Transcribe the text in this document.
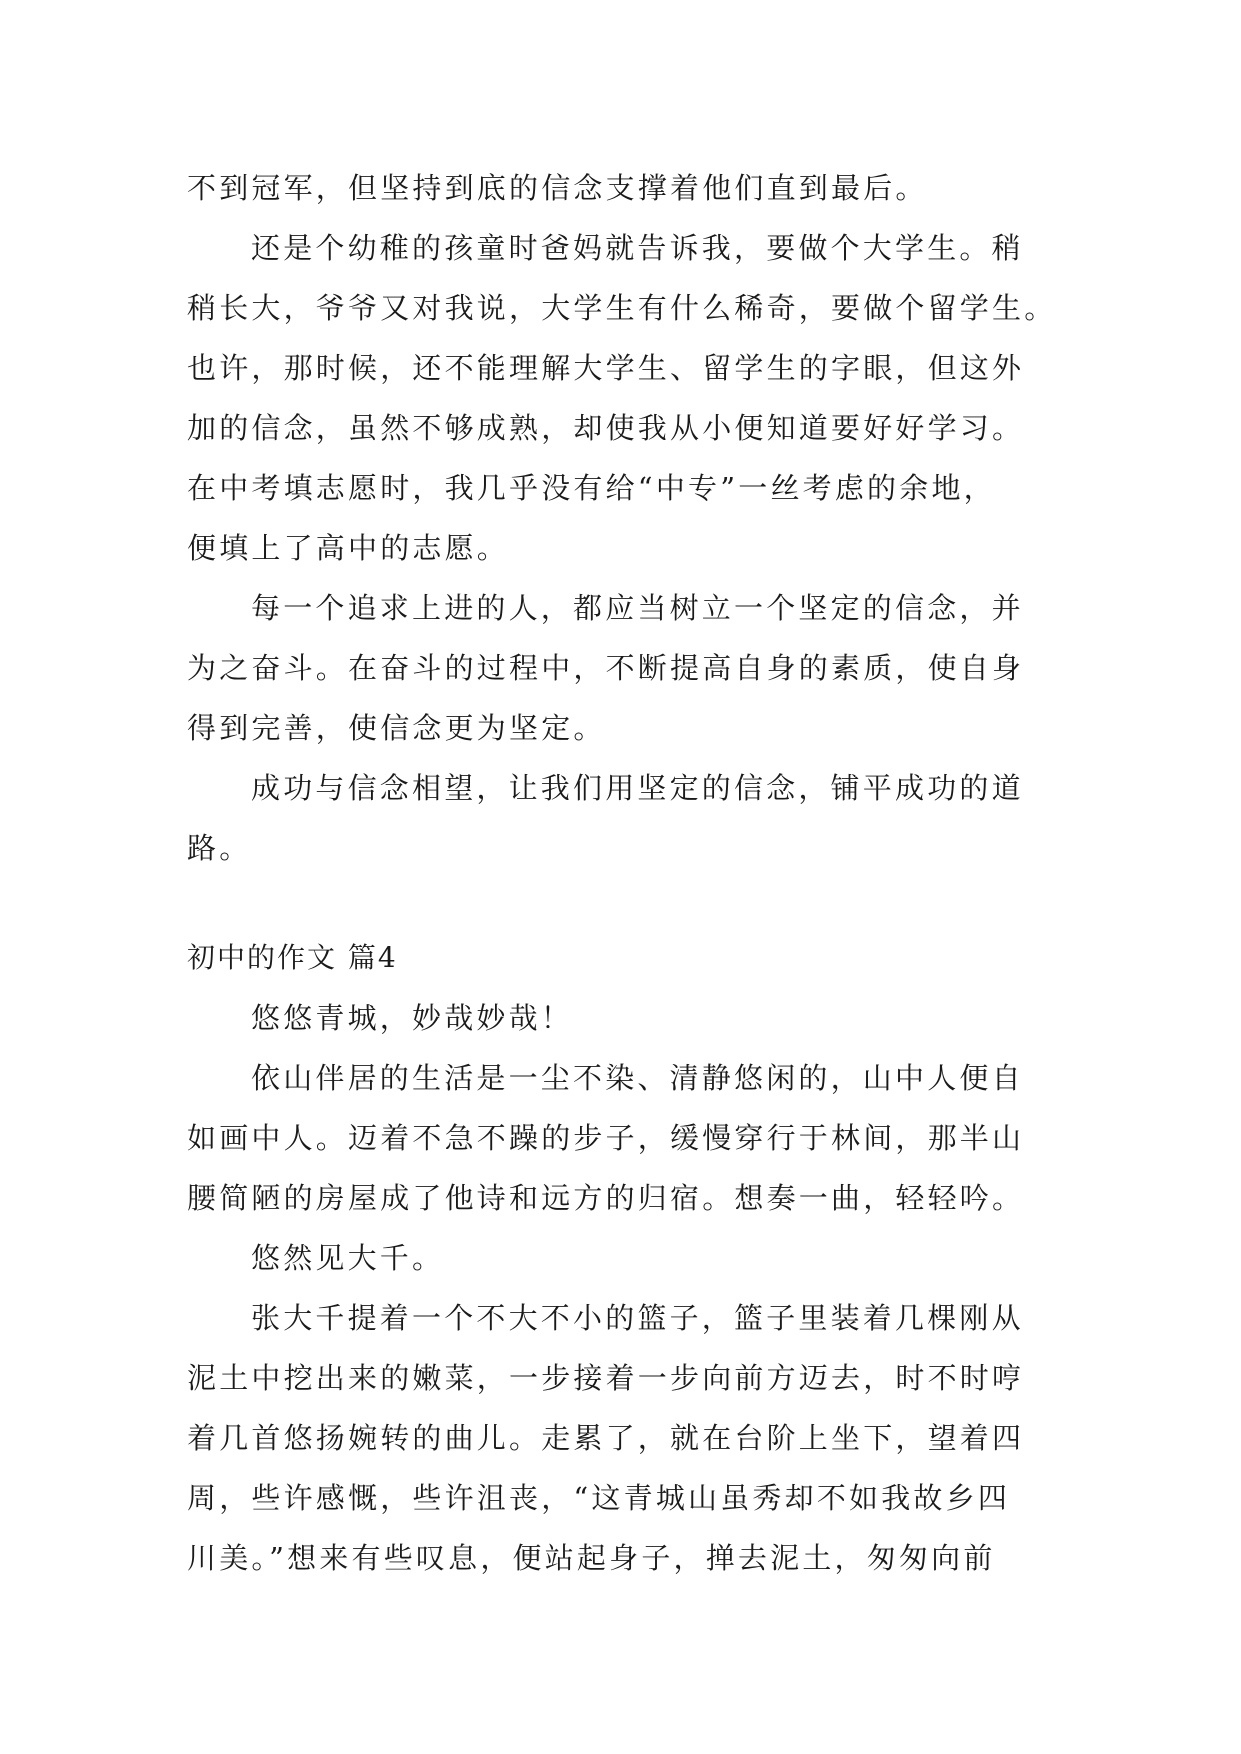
不到冠军，但坚持到底的信念支撑着他们直到最后。
还是个幼稚的孩童时爸妈就告诉我，要做个大学生。稍
稍长大，爷爷又对我说，大学生有什么稀奇，要做个留学生。
也许，那时候，还不能理解大学生、留学生的字眼，但这外
加的信念，虽然不够成熟，却使我从小便知道要好好学习。
在中考填志愿时，我几乎没有给“中专”一丝考虑的余地，
便填上了高中的志愿。
每一个追求上进的人，都应当树立一个坚定的信念，并
为之奋斗。在奋斗的过程中，不断提高自身的素质，使自身
得到完善，使信念更为坚定。
成功与信念相望，让我们用坚定的信念，铺平成功的道
路。
初中的作文 篇4
悠悠青城，妙哉妙哉！
依山伴居的生活是一尘不染、清静悠闲的，山中人便自
如画中人。迈着不急不躁的步子，缓慢穿行于林间，那半山
腰简陋的房屋成了他诗和远方的归宿。想奏一曲，轻轻吟。
悠然见大千。
张大千提着一个不大不小的篮子，篮子里装着几棵刚从
泥土中挖出来的嫩菜，一步接着一步向前方迈去，时不时哼
着几首悠扬婉转的曲儿。走累了，就在台阶上坐下，望着四
周，些许感慨，些许沮丧，“这青城山虽秀却不如我故乡四
川美。”想来有些叹息，便站起身子，掸去泥土，匆匆向前
